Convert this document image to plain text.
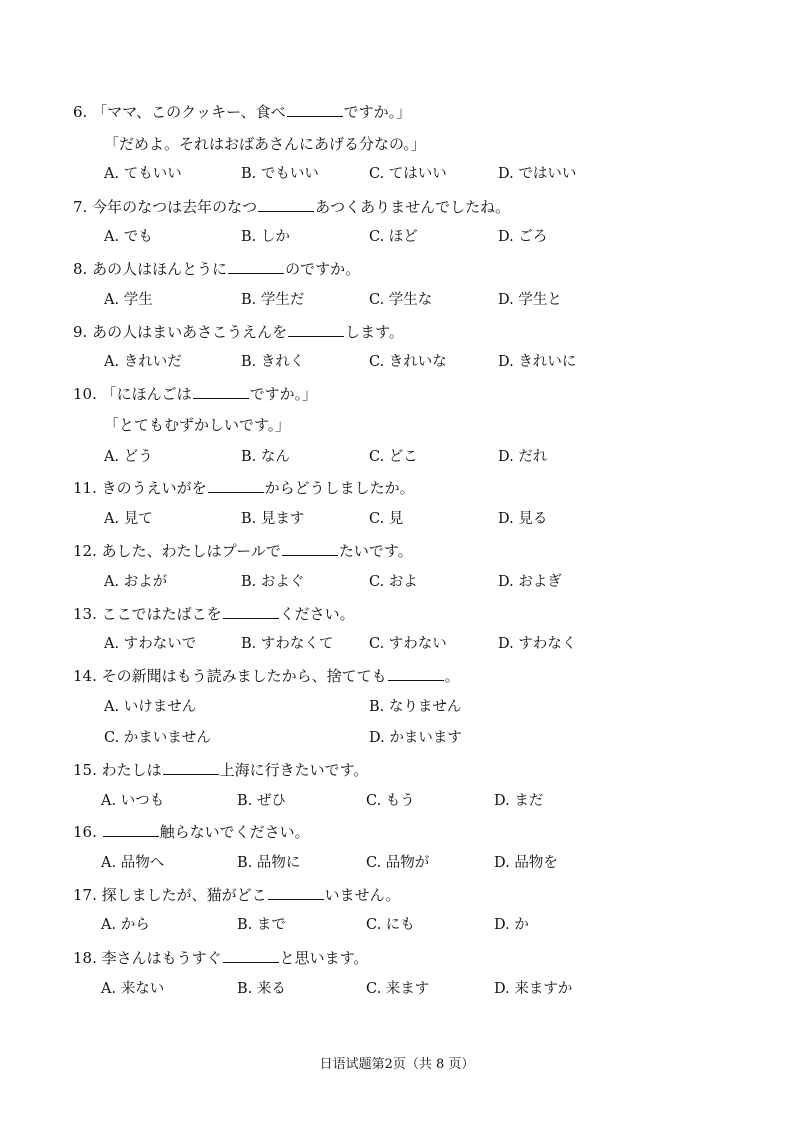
6. 「ママ、このクッキー、食べ	ですか。」
「だめよ。それはおばあさんにあげる分なの。」
A. てもいい	B. でもいい	C. てはいい	D. ではいい
7. 今年のなつは去年のなつ	あつくありませんでしたね。
A. でも	B. しか	C. ほど	D. ごろ
8. あの人はほんとうに	のですか。
A. 学生	B. 学生だ	C. 学生な	D. 学生と
9. あの人はまいあさこうえんを	します。
A. きれいだ	B. きれく	C. きれいな	D. きれいに
10. 「にほんごは	ですか。」
「とてもむずかしいです。」
A. どう	B. なん	C. どこ	D. だれ
11. きのうえいがを	からどうしましたか。
A. 見て	B. 見ます	C. 見	D. 見る
12. あした、わたしはプールで	たいです。
A. およが	B. およぐ	C. およ	D. およぎ
13. ここではたばこを	ください。
A. すわないで	B. すわなくて C. すわない	D. すわなく
14. その新聞はもう読みましたから、捨てても	。
A. いけません	B. なりません
C. かまいません	D. かまいます
15. わたしは	上海に行きたいです。
A. いつも	B. ぜひ	C. もう	D. まだ
16.	触らないでください。
A. 品物へ	B. 品物に	C. 品物が	D. 品物を
17. 探しましたが、猫がどこ	いません。
A. から	B. まで	C. にも	D. か
18. 李さんはもうすぐ	と思います。
A. 来ない	B. 来る	C. 来ます	D. 来ますか
日语试题第2页（共 8 页）
